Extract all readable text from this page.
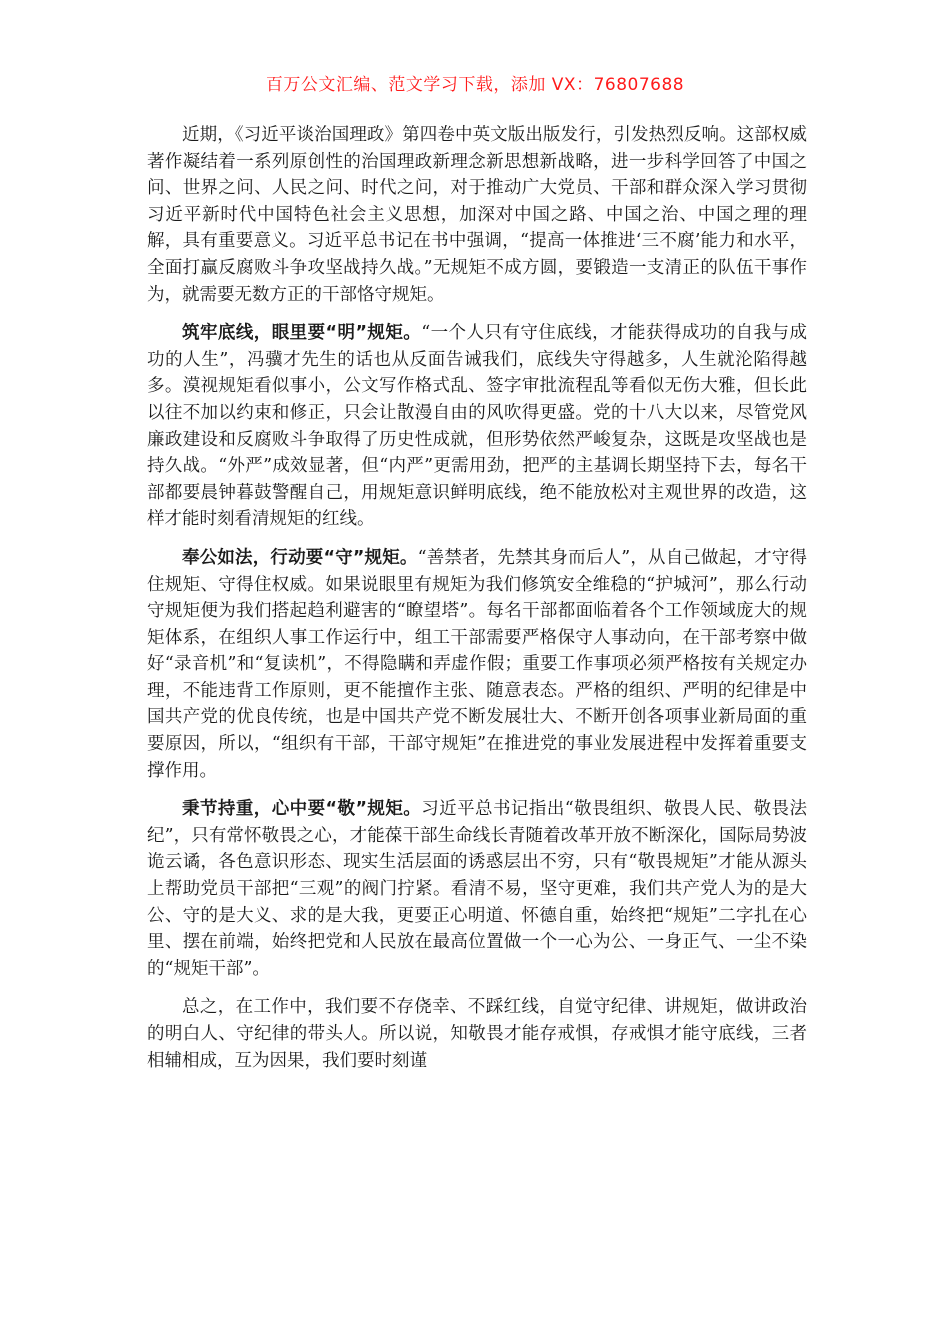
百万公文汇编、范文学习下载，添加 VX：76807688

近期，《习近平谈治国理政》第四卷中英文版出版发行，引发热烈反响。这部权威著作凝结着一系列原创性的治国理政新理念新思想新战略，进一步科学回答了中国之问、世界之问、人民之问、时代之问，对于推动广大党员、干部和群众深入学习贯彻习近平新时代中国特色社会主义思想，加深对中国之路、中国之治、中国之理的理解，具有重要意义。习近平总书记在书中强调，“提高一体推进‘三不腐’能力和水平，全面打赢反腐败斗争攻坚战持久战。”无规矩不成方圆，要锻造一支清正的队伍干事作为，就需要无数方正的干部恪守规矩。

筑牢底线，眼里要“明”规矩。“一个人只有守住底线，才能获得成功的自我与成功的人生”，冯骥才先生的话也从反面告诫我们，底线失守得越多，人生就沦陷得越多。漠视规矩看似事小，公文写作格式乱、签字审批流程乱等看似无伤大雅，但长此以往不加以约束和修正，只会让散漫自由的风吹得更盛。党的十八大以来，尽管党风廉政建设和反腐败斗争取得了历史性成就，但形势依然严峻复杂，这既是攻坚战也是持久战。“外严”成效显著，但“内严”更需用劲，把严的主基调长期坚持下去，每名干部都要晨钟暮鼓警醒自己，用规矩意识鲜明底线，绝不能放松对主观世界的改造，这样才能时刻看清规矩的红线。

奉公如法，行动要“守”规矩。“善禁者，先禁其身而后人”，从自己做起，才守得住规矩、守得住权威。如果说眼里有规矩为我们修筑安全维稳的“护城河”，那么行动守规矩便为我们搭起趋利避害的“瞭望塔”。每名干部都面临着各个工作领域庞大的规矩体系，在组织人事工作运行中，组工干部需要严格保守人事动向，在干部考察中做好“录音机”和“复读机”，不得隐瞒和弄虚作假；重要工作事项必须严格按有关规定办理，不能违背工作原则，更不能擅作主张、随意表态。严格的组织、严明的纪律是中国共产党的优良传统，也是中国共产党不断发展壮大、不断开创各项事业新局面的重要原因，所以，“组织有干部，干部守规矩”在推进党的事业发展进程中发挥着重要支撑作用。

秉节持重，心中要“敬”规矩。习近平总书记指出“敬畏组织、敬畏人民、敬畏法纪”，只有常怀敬畏之心，才能葆干部生命线长青随着改革开放不断深化，国际局势波诡云谲，各色意识形态、现实生活层面的诱惑层出不穷，只有“敬畏规矩”才能从源头上帮助党员干部把“三观”的阀门拧紧。看清不易，坚守更难，我们共产党人为的是大公、守的是大义、求的是大我，更要正心明道、怀德自重，始终把“规矩”二字扎在心里、摆在前端，始终把党和人民放在最高位置做一个一心为公、一身正气、一尘不染的“规矩干部”。

总之，在工作中，我们要不存侥幸、不踩红线，自觉守纪律、讲规矩，做讲政治的明白人、守纪律的带头人。所以说，知敬畏才能存戒惧，存戒惧才能守底线，三者相辅相成，互为因果，我们要时刻谨
